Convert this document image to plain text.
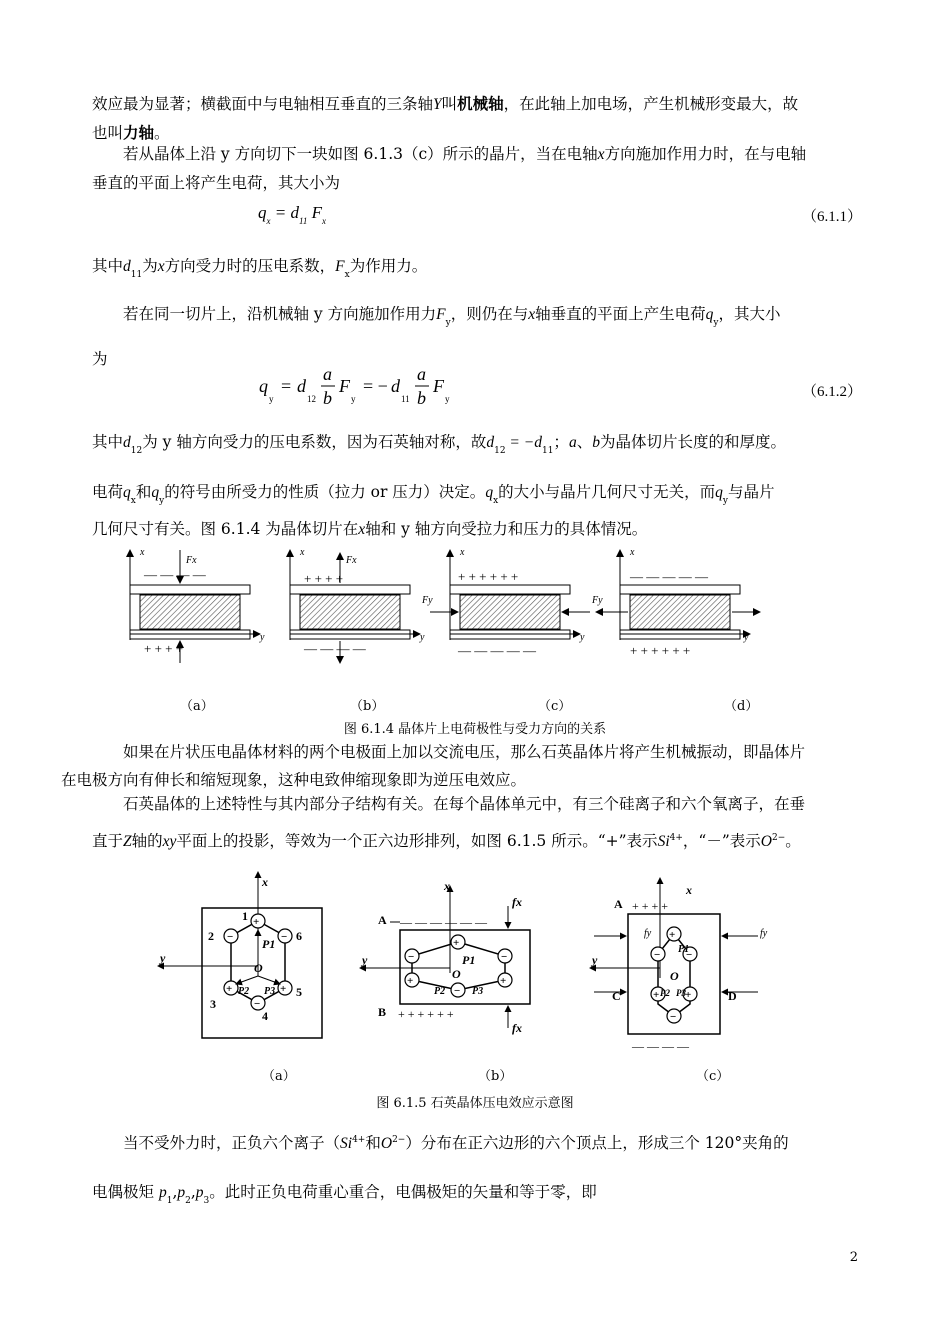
效应最为显著；横截面中与电轴相互垂直的三条轴Y叫机械轴，在此轴上加电场，产生机械形变最大，故
也叫力轴。
若从晶体上沿 y 方向切下一块如图 6.1.3（c）所示的晶片，当在电轴x方向施加作用力时，在与电轴
垂直的平面上将产生电荷，其大小为
$q_x = d_{11}$ $F_x$	（6.1.1）
其中$d_{11}$为x方向受力时的压电系数，$F_x$为作用力。
若在同一切片上，沿机械轴 y 方向施加作用力$F_y$，则仍在与x轴垂直的平面上产生电荷$q_y$，其大小
为
q
y
= d
12
a
b
F
y
= − d
11
a
b
F
y	（6.1.2）
其中$d_{12}$为 y 轴方向受力的压电系数，因为石英轴对称，故$d_{12} = -d_{11}$；a、b为晶体切片长度的和厚度。
电荷$q_x$和$q_y$的符号由所受力的性质（拉力 or 压力）决定。$q_x$的大小与晶片几何尺寸无关，而$q_y$与晶片
几何尺寸有关。图 6.1.4 为晶体切片在x轴和 y 轴方向受拉力和压力的具体情况。
x
y
Fx
— — — —
+ + + +
x
y
Fx
+ + + +
— — — —
x
y
Fy
+ + + + + +
— — — — —
x
y
Fy
— — — — —
+ + + + + +
（a）	（b）	（c）	（d）
图 6.1.4 晶体片上电荷极性与受力方向的关系
如果在片状压电晶体材料的两个电极面上加以交流电压，那么石英晶体片将产生机械振动，即晶体片
在电极方向有伸长和缩短现象，这种电致伸缩现象即为逆压电效应。
石英晶体的上述特性与其内部分子结构有关。在每个晶体单元中，有三个硅离子和六个氧离子，在垂
直于Z轴的xy平面上的投影，等效为一个正六边形排列，如图 6.1.5 所示。“+”表示$Si^{4+}$，“－”表示$O^{2-}$。
x
y
+
−
+
−
+
−
1
2
3
4
5
6
P1
O
P2 P3
x
y
A — — — — — —
B + + + + + +
fx
fx
+
−
+
−
+
−	P1
O
P2	P3
x
y
A + + + +
— — — —
C	D
fy	fy
+
−
+
−
+
− P1
O
P2 P3
（a）	（b）	（c）
图 6.1.5 石英晶体压电效应示意图
当不受外力时，正负六个离子（$Si^{4+}$和$O^{2-}$）分布在正六边形的六个顶点上，形成三个 120°夹角的
电偶极矩 $p_1,p_2,p_3$。此时正负电荷重心重合，电偶极矩的矢量和等于零，即
2
